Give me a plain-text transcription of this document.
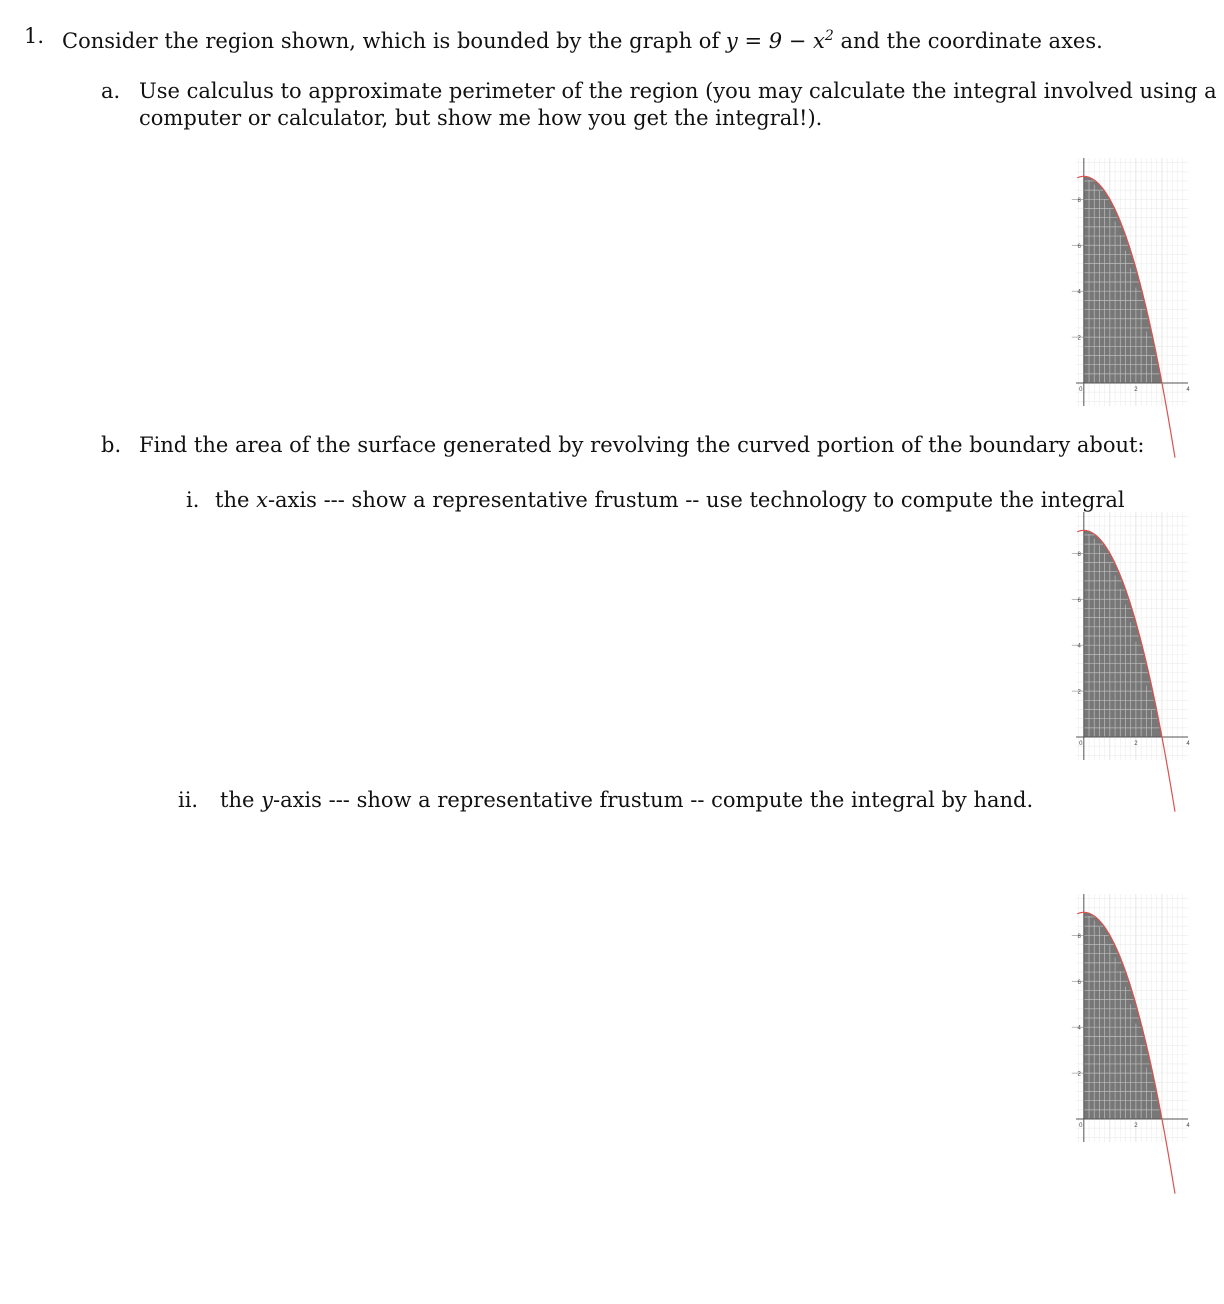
1. Consider the region shown, which is bounded by the graph of $y = 9 - x^2$ and the coordinate axes.
a. Use calculus to approximate perimeter of the region (you may calculate the integral involved using a
computer or calculator, but show me how you get the integral!).
2
4
6
8
0	2	4
b. Find the area of the surface generated by revolving the curved portion of the boundary about:
i. the x-axis --- show a representative frustum -- use technology to compute the integral
2
4
6
8
0	2	4
ii. the y-axis --- show a representative frustum -- compute the integral by hand.
2
4
6
8
0	2	4
